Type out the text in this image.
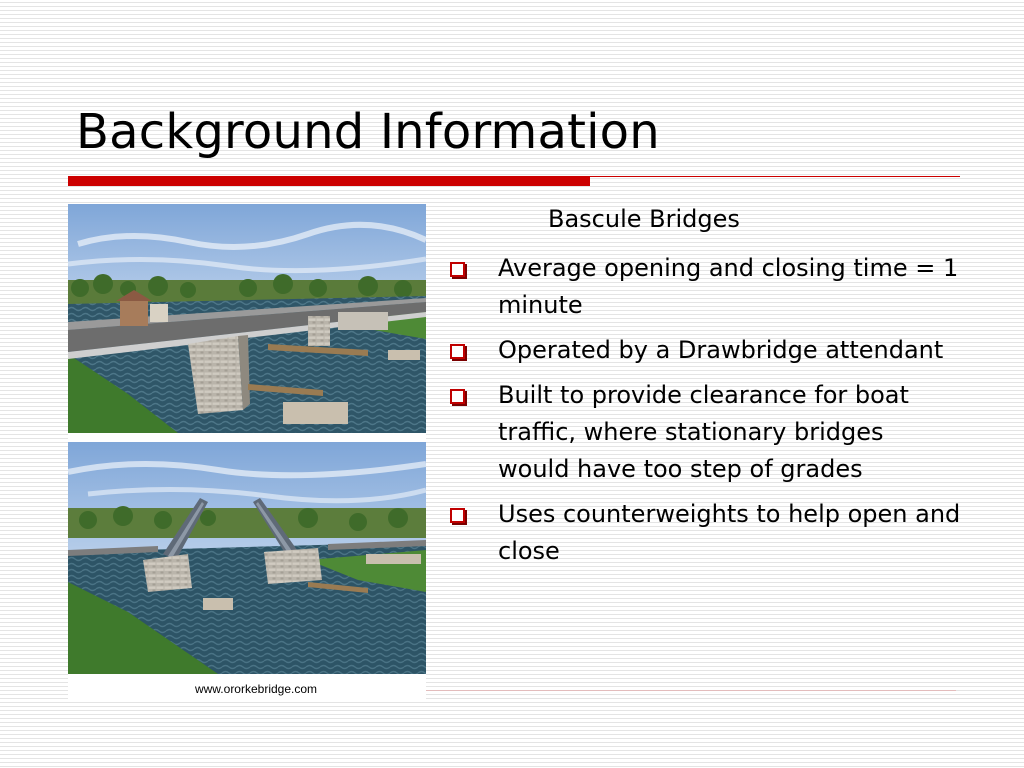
Background Information
www.ororkebridge.com
Bascule Bridges
Average opening and closing time = 1 minute
Operated by a Drawbridge attendant
Built to provide clearance for boat traffic, where stationary bridges would have too step of grades
Uses counterweights to help open and close
